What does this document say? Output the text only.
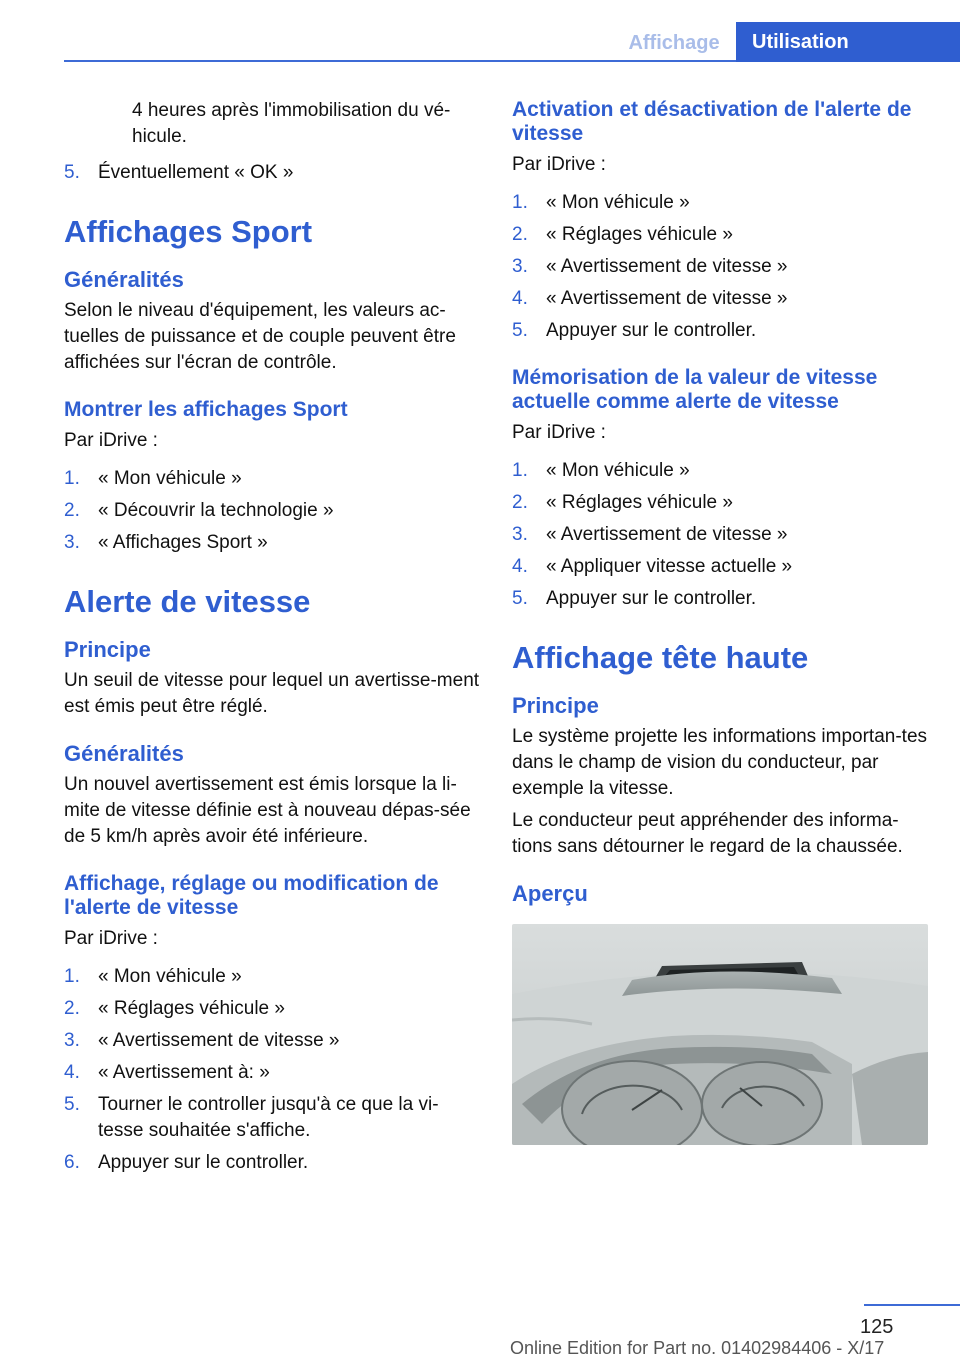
Affichage	Utilisation

4 heures après l'immobilisation du vé-hicule.

5. Éventuellement « OK »
Affichages Sport
Généralités

Selon le niveau d'équipement, les valeurs ac-tuelles de puissance et de couple peuvent être affichées sur l'écran de contrôle.

Montrer les affichages Sport

Par iDrive :

1. « Mon véhicule »
2. « Découvrir la technologie »
3. « Affichages Sport »
Alerte de vitesse
Principe

Un seuil de vitesse pour lequel un avertisse-ment est émis peut être réglé.

Généralités

Un nouvel avertissement est émis lorsque la li-mite de vitesse définie est à nouveau dépas-sée de 5 km/h après avoir été inférieure.

Affichage, réglage ou modification de l'alerte de vitesse

Par iDrive :

1. « Mon véhicule »
2. « Réglages véhicule »
3. « Avertissement de vitesse »
4. « Avertissement à: »
5. Tourner le controller jusqu'à ce que la vi-tesse souhaitée s'affiche.
6. Appuyer sur le controller.
Activation et désactivation de l'alerte de vitesse

Par iDrive :

1. « Mon véhicule »
2. « Réglages véhicule »
3. « Avertissement de vitesse »
4. « Avertissement de vitesse »
5. Appuyer sur le controller.
Mémorisation de la valeur de vitesse actuelle comme alerte de vitesse

Par iDrive :

1. « Mon véhicule »
2. « Réglages véhicule »
3. « Avertissement de vitesse »
4. « Appliquer vitesse actuelle »
5. Appuyer sur le controller.
Affichage tête haute
Principe

Le système projette les informations importan-tes dans le champ de vision du conducteur, par exemple la vitesse.

Le conducteur peut appréhender des informa-tions sans détourner le regard de la chaussée.

Aperçu
125
Online Edition for Part no. 01402984406 - X/17
